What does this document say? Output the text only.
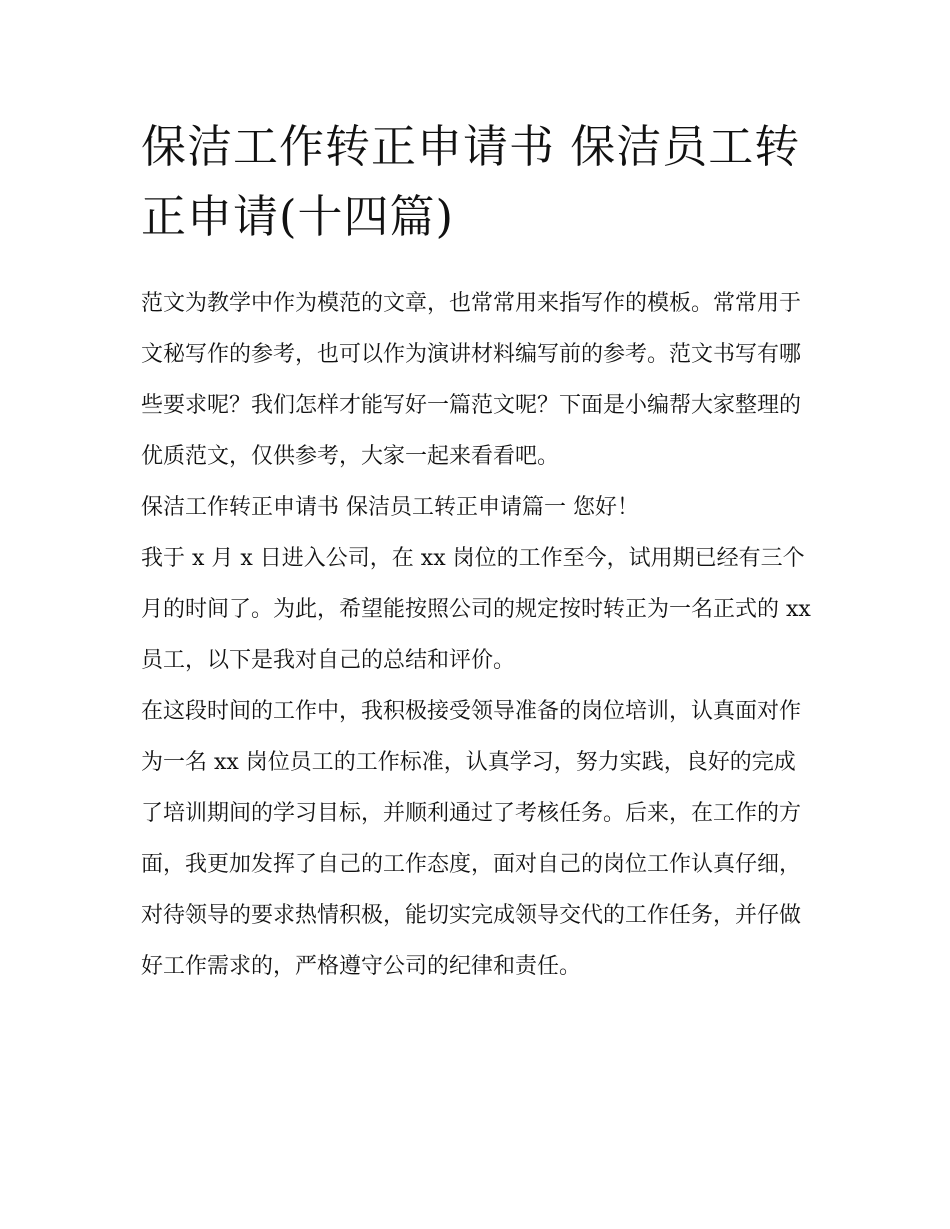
保洁工作转正申请书 保洁员工转正申请(十四篇)

范文为教学中作为模范的文章，也常常用来指写作的模板。常常用于文秘写作的参考，也可以作为演讲材料编写前的参考。范文书写有哪些要求呢？我们怎样才能写好一篇范文呢？下面是小编帮大家整理的优质范文，仅供参考，大家一起来看看吧。

保洁工作转正申请书 保洁员工转正申请篇一 您好！

我于 x 月 x 日进入公司，在 xx 岗位的工作至今，试用期已经有三个月的时间了。为此，希望能按照公司的规定按时转正为一名正式的 xx 员工，以下是我对自己的总结和评价。

在这段时间的工作中，我积极接受领导准备的岗位培训，认真面对作为一名 xx 岗位员工的工作标准，认真学习，努力实践，良好的完成了培训期间的学习目标，并顺利通过了考核任务。后来，在工作的方面，我更加发挥了自己的工作态度，面对自己的岗位工作认真仔细，对待领导的要求热情积极，能切实完成领导交代的工作任务，并仔做好工作需求的，严格遵守公司的纪律和责任。
